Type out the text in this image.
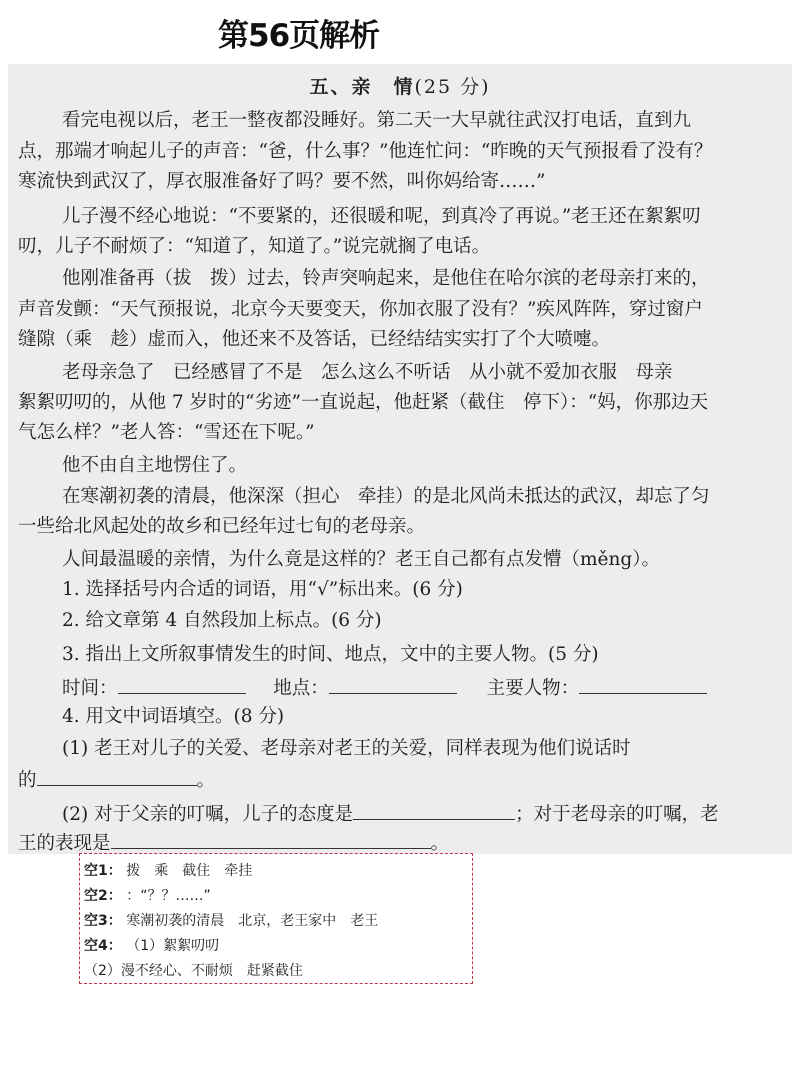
第56页解析
五、亲　情(25 分)
看完电视以后，老王一整夜都没睡好。第二天一大早就往武汉打电话，直到九
点，那端才响起儿子的声音：“爸，什么事？”他连忙问：“昨晚的天气预报看了没有？
寒流快到武汉了，厚衣服准备好了吗？要不然，叫你妈给寄……”
儿子漫不经心地说：“不要紧的，还很暖和呢，到真冷了再说。”老王还在絮絮叨
叨，儿子不耐烦了：“知道了，知道了。”说完就搁了电话。
他刚准备再（拔　拨）过去，铃声突响起来，是他住在哈尔滨的老母亲打来的，
声音发颤：“天气预报说，北京今天要变天，你加衣服了没有？”疾风阵阵，穿过窗户
缝隙（乘　趁）虚而入，他还来不及答话，已经结结实实打了个大喷嚏。
老母亲急了　已经感冒了不是　怎么这么不听话　从小就不爱加衣服　母亲
絮絮叨叨的，从他 7 岁时的“劣迹”一直说起，他赶紧（截住　停下）：“妈，你那边天
气怎么样？”老人答：“雪还在下呢。”
他不由自主地愣住了。
在寒潮初袭的清晨，他深深（担心　牵挂）的是北风尚未抵达的武汉，却忘了匀
一些给北风起处的故乡和已经年过七旬的老母亲。
人间最温暖的亲情，为什么竟是这样的？老王自己都有点发懵（měng）。
1. 选择括号内合适的词语，用“√”标出来。(6 分)
2. 给文章第 4 自然段加上标点。(6 分)
3. 指出上文所叙事情发生的时间、地点，文中的主要人物。(5 分)
时间：	地点：	主要人物：
4. 用文中词语填空。(8 分)
(1) 老王对儿子的关爱、老母亲对老王的关爱，同样表现为他们说话时
的	。
(2) 对于父亲的叮嘱，儿子的态度是	；对于老母亲的叮嘱，老
王的表现是	。
空1： 拨　乘　截住　牵挂
空2： ：“？？……”
空3： 寒潮初袭的清晨　北京，老王家中　老王
空4： （1）絮絮叨叨
（2）漫不经心、不耐烦　赶紧截住
